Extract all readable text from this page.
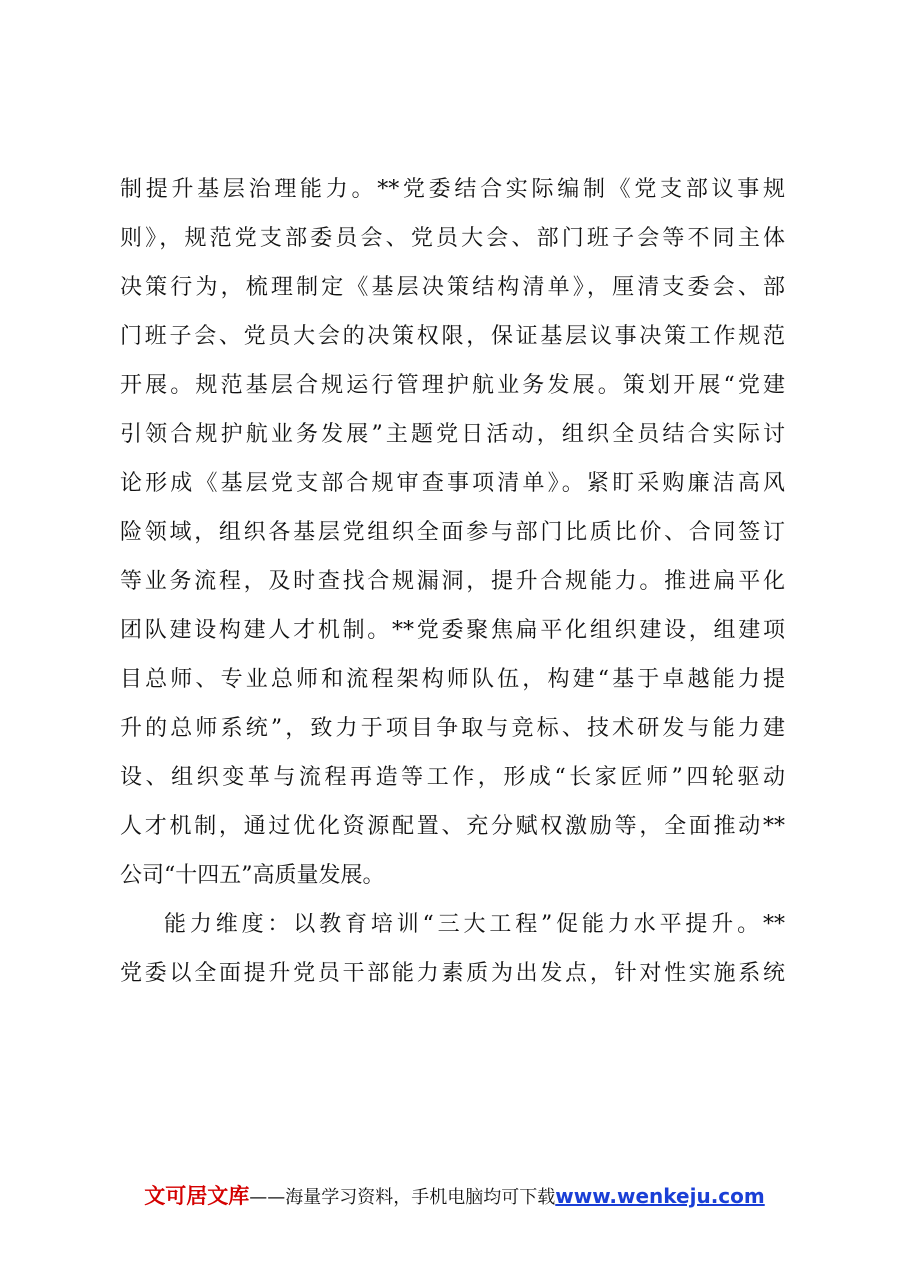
制提升基层治理能力。**党委结合实际编制《党支部议事规
则》，规范党支部委员会、党员大会、部门班子会等不同主体
决策行为，梳理制定《基层决策结构清单》，厘清支委会、部
门班子会、党员大会的决策权限，保证基层议事决策工作规范
开展。规范基层合规运行管理护航业务发展。策划开展“党建
引领合规护航业务发展”主题党日活动，组织全员结合实际讨
论形成《基层党支部合规审查事项清单》。紧盯采购廉洁高风
险领域，组织各基层党组织全面参与部门比质比价、合同签订
等业务流程，及时查找合规漏洞，提升合规能力。推进扁平化
团队建设构建人才机制。**党委聚焦扁平化组织建设，组建项
目总师、专业总师和流程架构师队伍，构建“基于卓越能力提
升的总师系统”，致力于项目争取与竞标、技术研发与能力建
设、组织变革与流程再造等工作，形成“长家匠师”四轮驱动
人才机制，通过优化资源配置、充分赋权激励等，全面推动**
公司“十四五”高质量发展。
能力维度：以教育培训“三大工程”促能力水平提升。**
党委以全面提升党员干部能力素质为出发点，针对性实施系统
文可居文库——海量学习资料，手机电脑均可下载www.wenkeju.com
